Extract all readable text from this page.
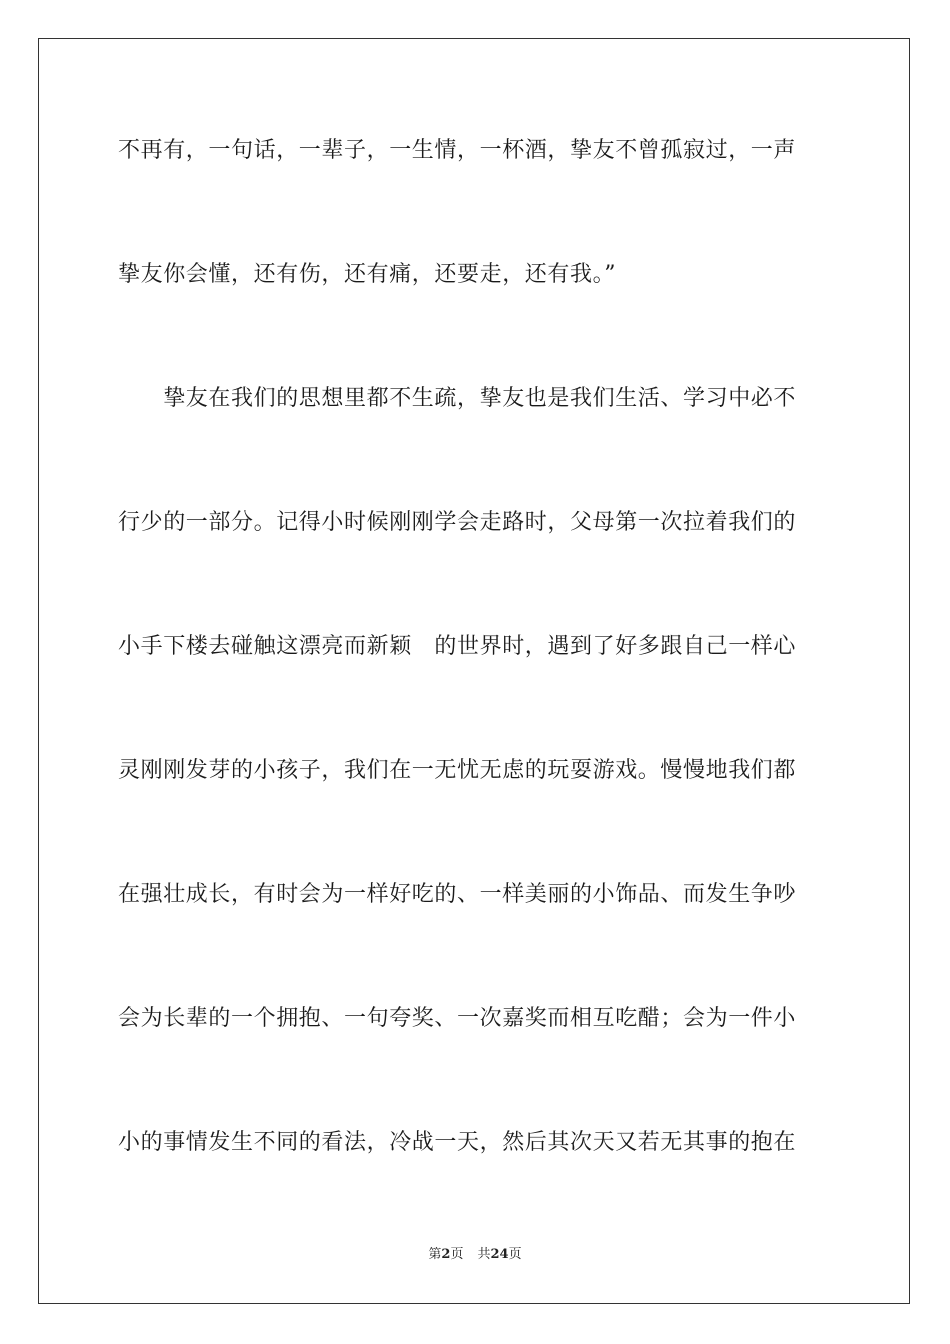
不再有，一句话，一辈子，一生情，一杯酒，挚友不曾孤寂过，一声
挚友你会懂，还有伤，还有痛，还要走，还有我。”
　　挚友在我们的思想里都不生疏，挚友也是我们生活、学习中必不
行少的一部分。记得小时候刚刚学会走路时，父母第一次拉着我们的
小手下楼去碰触这漂亮而新颖　的世界时，遇到了好多跟自己一样心
灵刚刚发芽的小孩子，我们在一无忧无虑的玩耍游戏。慢慢地我们都
在强壮成长，有时会为一样好吃的、一样美丽的小饰品、而发生争吵
会为长辈的一个拥抱、一句夸奖、一次嘉奖而相互吃醋；会为一件小
小的事情发生不同的看法，冷战一天，然后其次天又若无其事的抱在
第2页 共24页
